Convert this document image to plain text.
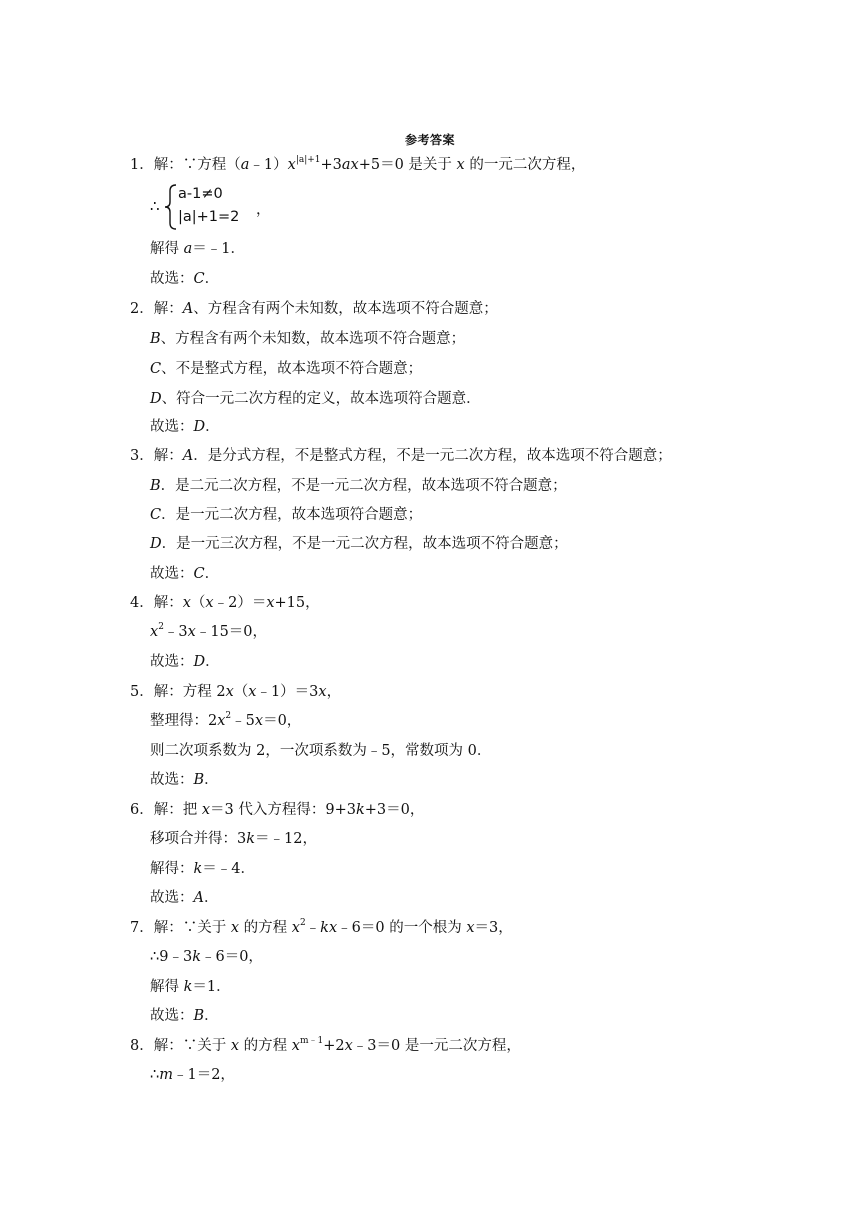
参考答案
1．解：∵方程$(a﹣1)x^{|a|+1}+3ax+5=0$ 是关于 x 的一元二次方程，
∴
a-1≠0
|a|+1=2 ，
解得 a＝﹣1．
故选：C．
2．解：A、方程含有两个未知数，故本选项不符合题意；
B、方程含有两个未知数，故本选项不符合题意；
C、不是整式方程，故本选项不符合题意；
D、符合一元二次方程的定义，故本选项符合题意．
故选：D．
3．解：A．是分式方程，不是整式方程，不是一元二次方程，故本选项不符合题意；
B．是二元二次方程，不是一元二次方程，故本选项不符合题意；
C．是一元二次方程，故本选项符合题意；
D．是一元三次方程，不是一元二次方程，故本选项不符合题意；
故选：C．
4．解：x（x﹣2）＝x+15，
$x^2﹣3x﹣15=0$，
故选：D．
5．解：方程 2x（x﹣1）＝3x，
整理得：$2x^2﹣5x=0$，
则二次项系数为 2，一次项系数为﹣5，常数项为 0．
故选：B．
6．解：把 x＝3 代入方程得：9+3k+3＝0，
移项合并得：3k＝﹣12，
解得：k＝﹣4．
故选：A．
7．解：∵关于 x 的方程 $x^2﹣kx﹣6=0$ 的一个根为 x＝3，
∴9﹣3k﹣6＝0，
解得 k＝1．
故选：B．
8．解：∵关于 x 的方程 $x^{m﹣1}+2x﹣3=0$ 是一元二次方程，
∴m﹣1＝2，
